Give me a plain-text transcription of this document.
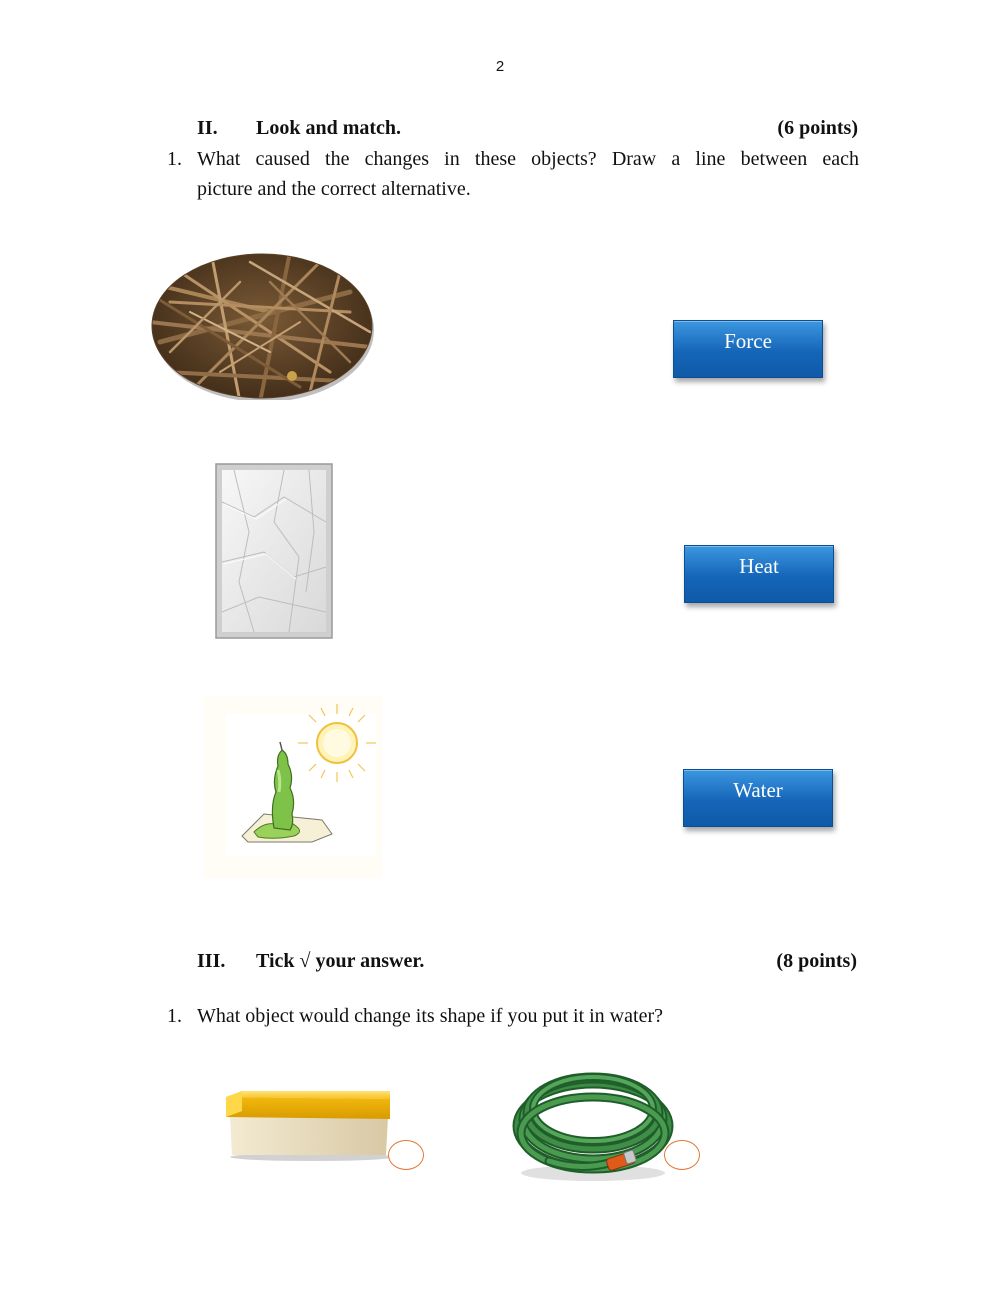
2
II. Look and match.	(6 points)
1. What caused the changes in these objects? Draw a line between each
picture and the correct alternative.
Force
Heat
Water
III. Tick √ your answer.	(8 points)
1. What object would change its shape if you put it in water?
